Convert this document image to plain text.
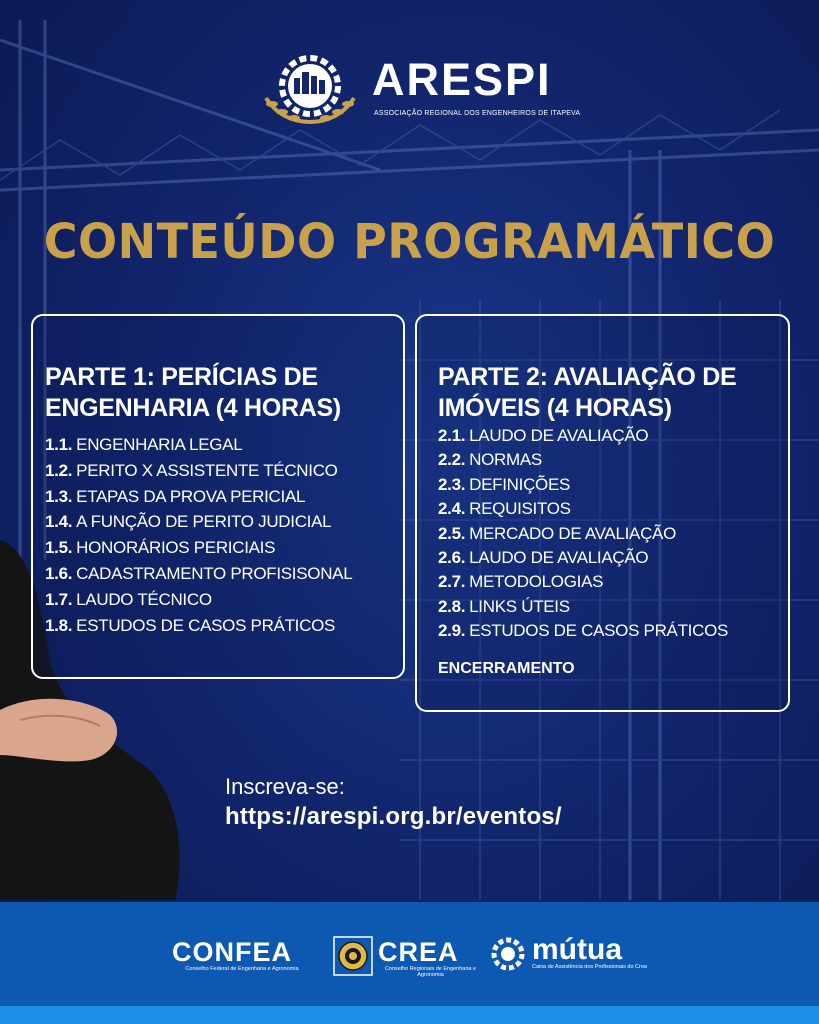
ARESPI
ASSOCIAÇÃO REGIONAL DOS ENGENHEIROS DE ITAPEVA
CONTEÚDO PROGRAMÁTICO
PARTE 1: PERÍCIAS DE ENGENHARIA (4 HORAS)
1.1. ENGENHARIA LEGAL
1.2. PERITO X ASSISTENTE TÉCNICO
1.3. ETAPAS DA PROVA PERICIAL
1.4. A FUNÇÃO DE PERITO JUDICIAL
1.5. HONORÁRIOS PERICIAIS
1.6. CADASTRAMENTO PROFISISONAL
1.7. LAUDO TÉCNICO
1.8. ESTUDOS DE CASOS PRÁTICOS
PARTE 2: AVALIAÇÃO DE IMÓVEIS (4 HORAS)
2.1. LAUDO DE AVALIAÇÃO
2.2. NORMAS
2.3. DEFINIÇÕES
2.4. REQUISITOS
2.5. MERCADO DE AVALIAÇÃO
2.6. LAUDO DE AVALIAÇÃO
2.7. METODOLOGIAS
2.8. LINKS ÚTEIS
2.9. ESTUDOS DE CASOS PRÁTICOS
ENCERRAMENTO
Inscreva-se:
https://arespi.org.br/eventos/
CONFEA
Conselho Federal de Engenharia e Agronomia
CREA
Conselho Regionais de Engenharia e Agronomia
mútua
Caixa de Assistência dos Profissionais do Crea
